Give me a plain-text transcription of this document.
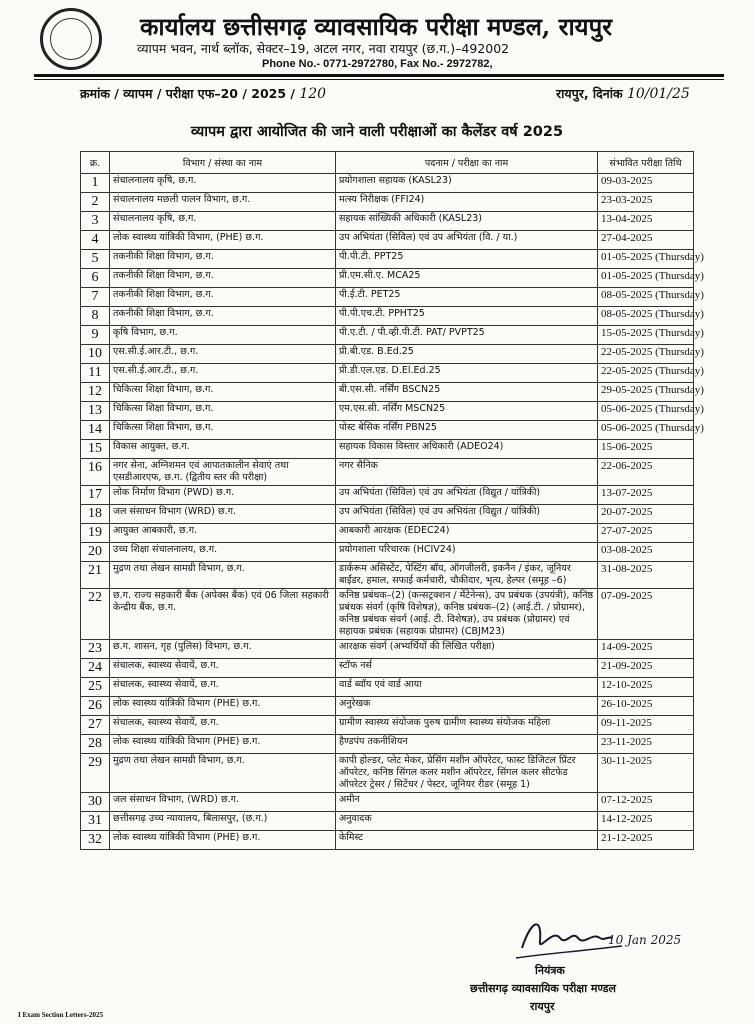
कार्यालय छत्तीसगढ़ व्यावसायिक परीक्षा मण्डल, रायपुर
व्यापम भवन, नार्थ ब्लॉक, सेक्टर–19, अटल नगर, नवा रायपुर (छ.ग.)–492002
Phone No.- 0771-2972780, Fax No.- 2972782,
क्रमांक / व्यापम / परीक्षा एफ–20 / 2025 / 120	रायपुर, दिनांक 10/01/25
व्यापम द्वारा आयोजित की जाने वाली परीक्षाओं का कैलेंडर वर्ष 2025
क्र.	विभाग / संस्था का नाम	पदनाम / परीक्षा का नाम	संभावित परीक्षा तिथि
1	संचालनालय कृषि, छ.ग.	प्रयोगशाला सहायक (KASL23)	09-03-2025
2	संचालनालय मछली पालन विभाग, छ.ग.	मत्स्य निरीक्षक (FFI24)	23-03-2025
3	संचालनालय कृषि, छ.ग.	सहायक सांख्यिकी अधिकारी (KASL23)	13-04-2025
4	लोक स्वास्थ्य यांत्रिकी विभाग, (PHE) छ.ग.	उप अभियंता (सिविल) एवं उप अभियंता (वि. / या.)	27-04-2025
5	तकनीकी शिक्षा विभाग, छ.ग.	पी.पी.टी. PPT25	01-05-2025 (Thursday)
6	तकनीकी शिक्षा विभाग, छ.ग.	प्री.एम.सी.ए. MCA25	01-05-2025 (Thursday)
7	तकनीकी शिक्षा विभाग, छ.ग.	पी.ई.टी. PET25	08-05-2025 (Thursday)
8	तकनीकी शिक्षा विभाग, छ.ग.	पी.पी.एच.टी. PPHT25	08-05-2025 (Thursday)
9	कृषि विभाग, छ.ग.	पी.ए.टी. / पी.व्ही.पी.टी. PAT/ PVPT25	15-05-2025 (Thursday)
10	एस.सी.ई.आर.टी., छ.ग.	प्री.बी.एड. B.Ed.25	22-05-2025 (Thursday)
11	एस.सी.ई.आर.टी., छ.ग.	प्री.डी.एल.एड. D.El.Ed.25	22-05-2025 (Thursday)
12	चिकित्सा शिक्षा विभाग, छ.ग.	बी.एस.सी. नर्सिंग BSCN25	29-05-2025 (Thursday)
13	चिकित्सा शिक्षा विभाग, छ.ग.	एम.एस.सी. नर्सिंग MSCN25	05-06-2025 (Thursday)
14	चिकित्सा शिक्षा विभाग, छ.ग.	पोस्ट बेसिक नर्सिंग PBN25	05-06-2025 (Thursday)
15	विकास आयुक्त, छ.ग.	सहायक विकास विस्तार अधिकारी (ADEO24)	15-06-2025
16	नगर सेना, अग्निशमन एवं आपातकालीन सेवाएं तथा एसडीआरएफ, छ.ग. (द्वितीय स्तर की परीक्षा)	नगर सैनिक	22-06-2025
17	लोक निर्माण विभाग (PWD) छ.ग.	उप अभियंता (सिविल) एवं उप अभियंता (विद्युत / यांत्रिकी)	13-07-2025
18	जल संसाधन विभाग (WRD) छ.ग.	उप अभियंता (सिविल) एवं उप अभियंता (विद्युत / यांत्रिकी)	20-07-2025
19	आयुक्त आबकारी, छ.ग.	आबकारी आरक्षक (EDEC24)	27-07-2025
20	उच्च शिक्षा संचालनालय, छ.ग.	प्रयोगशाला परिचारक (HCIV24)	03-08-2025
21	मुद्रण तथा लेखन सामग्री विभाग, छ.ग.	डार्करूम असिस्टेंट, पेस्टिंग बॉय, ऑगजीलरी, इकनैन / इंकर, जूनियर बाईंडर, हमाल, सफाई कर्मचारी, चौकीदार, भृत्य, हेल्पर (समूह –6)	31-08-2025
22	छ.ग. राज्य सहकारी बैंक (अपेक्स बैंक) एवं 06 जिला सहकारी केन्द्रीय बैंक, छ.ग.	कनिष्ठ प्रबंधक–(2) (कन्सट्रक्शन / मेंटेनेन्स), उप प्रबंधक (उपयंत्री), कनिष्ठ प्रबंधक संवर्ग (कृषि विशेषज्ञ), कनिष्ठ प्रबंधक–(2) (आई.टी. / प्रोग्रामर), कनिष्ठ प्रबंधक संवर्ग (आई. टी. विशेषज्ञ), उप प्रबंधक (प्रोग्रामर) एवं सहायक प्रबंधक (सहायक प्रोग्रामर) (CBJM23)	07-09-2025
23	छ.ग. शासन, गृह (पुलिस) विभाग, छ.ग.	आरक्षक संवर्ग (अभ्यर्थियों की लिखित परीक्षा)	14-09-2025
24	संचालक, स्वास्थ्य सेवायें, छ.ग.	स्टॉफ नर्स	21-09-2025
25	संचालक, स्वास्थ्य सेवायें, छ.ग.	वार्ड ब्वॉय एवं वार्ड आया	12-10-2025
26	लोक स्वास्थ्य यांत्रिकी विभाग (PHE) छ.ग.	अनुरेखक	26-10-2025
27	संचालक, स्वास्थ्य सेवायें, छ.ग.	ग्रामीण स्वास्थ्य संयोजक पुरुष ग्रामीण स्वास्थ्य संयोजक महिला	09-11-2025
28	लोक स्वास्थ्य यांत्रिकी विभाग (PHE) छ.ग.	हैण्डपंप तकनीशियन	23-11-2025
29	मुद्रण तथा लेखन सामग्री विभाग, छ.ग.	कापी होल्डर, प्लेट मेकर, प्रेसिंग मशीन ऑपरेटर, फास्ट डिजिटल प्रिंटर ऑपरेटर, कनिष्ठ सिंगल कलर मशीन ऑपरेटर, सिंगल कलर सीटफेड ऑपरेटर ट्रेसर / सिटेंचर / पेस्टर, जूनियर रीडर (समूह 1)	30-11-2025
30	जल संसाधन विभाग, (WRD) छ.ग.	अमीन	07-12-2025
31	छत्तीसगढ़ उच्च न्यायालय, बिलासपुर, (छ.ग.)	अनुवादक	14-12-2025
32	लोक स्वास्थ्य यांत्रिकी विभाग (PHE) छ.ग.	केमिस्ट	21-12-2025
10 Jan 2025
नियंत्रक
छत्तीसगढ़ व्यावसायिक परीक्षा मण्डल
रायपुर
I Exam Section Letters-2025
